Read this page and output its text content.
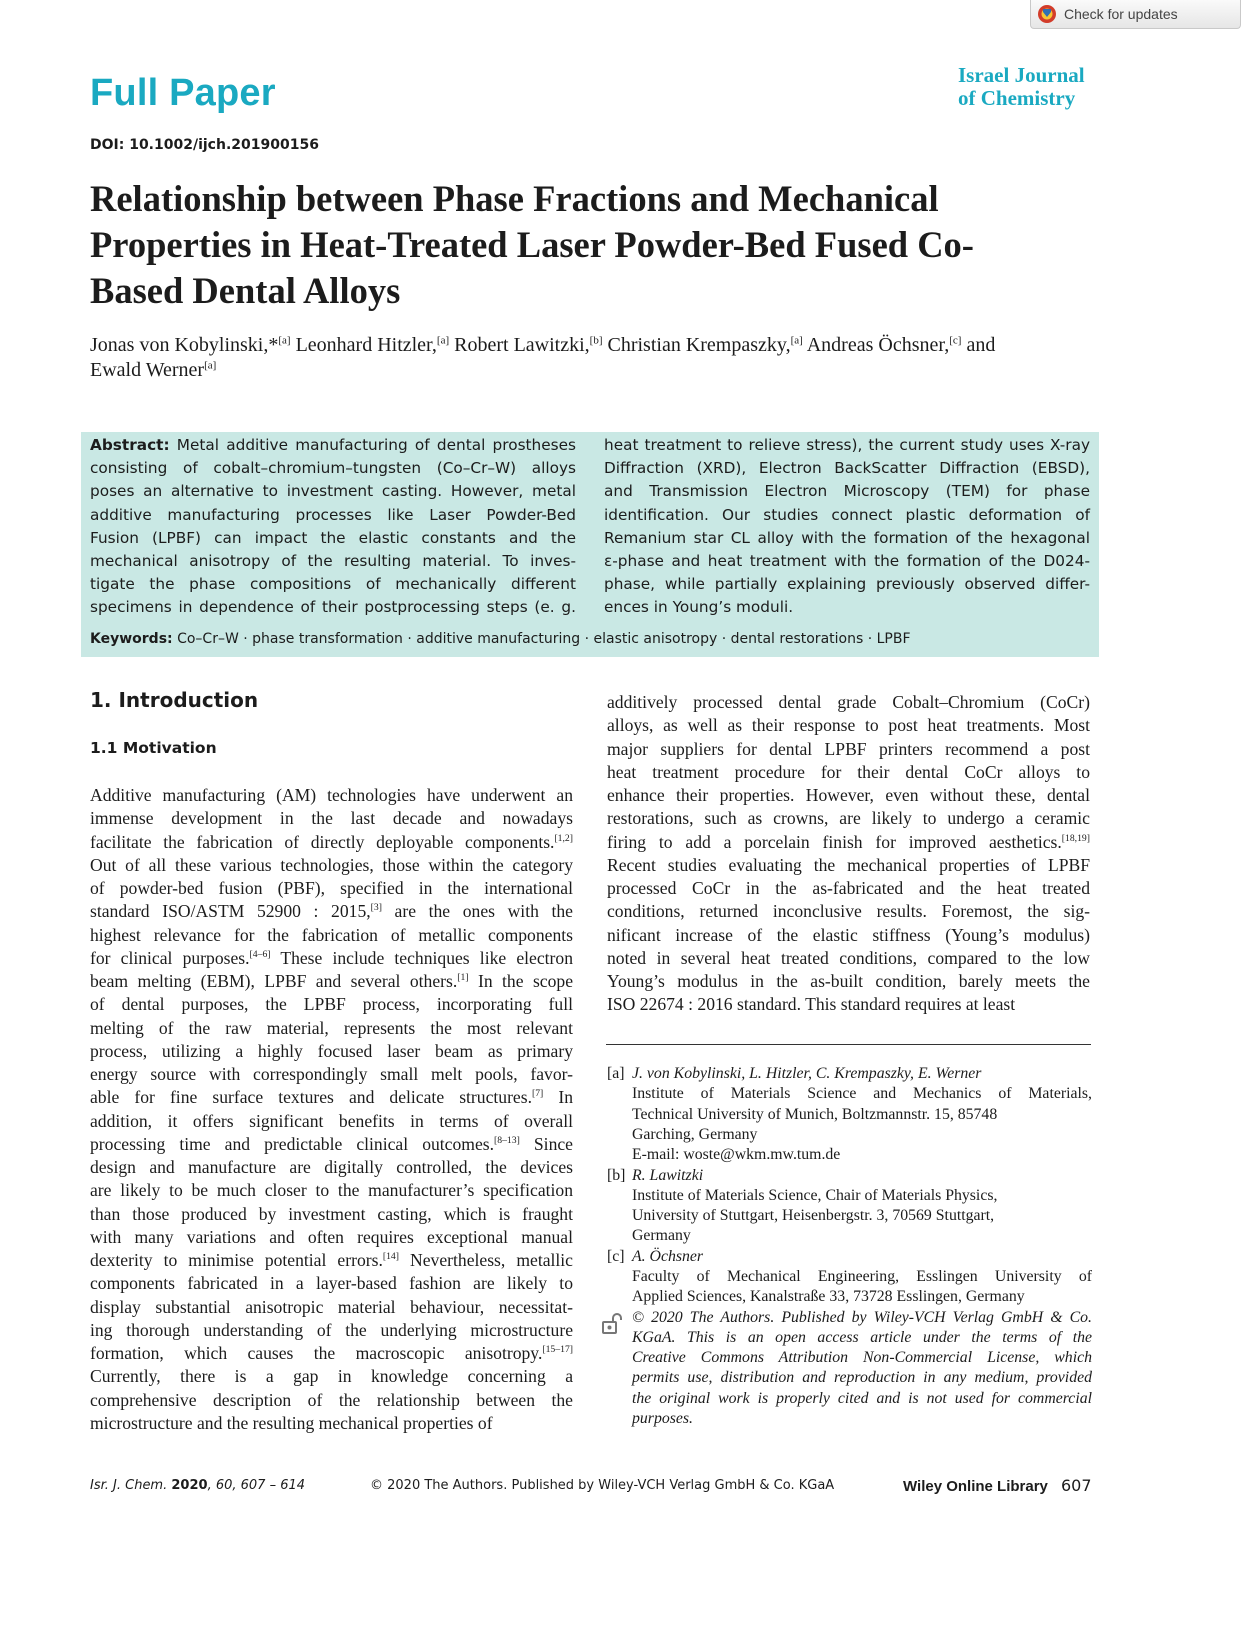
Check for updates
Full Paper	Israel Journal
of Chemistry
DOI: 10.1002/ijch.201900156
Relationship between Phase Fractions and Mechanical
Properties in Heat-Treated Laser Powder-Bed Fused Co-
Based Dental Alloys
Jonas von Kobylinski,*[a] Leonhard Hitzler,[a] Robert Lawitzki,[b] Christian Krempaszky,[a] Andreas Öchsner,[c] and
Ewald Werner[a]
Abstract: Metal additive manufacturing of dental prostheses
consisting of cobalt–chromium–tungsten (Co–Cr–W) alloys
poses an alternative to investment casting. However, metal
additive manufacturing processes like Laser Powder-Bed
Fusion (LPBF) can impact the elastic constants and the
mechanical anisotropy of the resulting material. To inves-
tigate the phase compositions of mechanically different
specimens in dependence of their postprocessing steps (e. g.
heat treatment to relieve stress), the current study uses X-ray
Diffraction (XRD), Electron BackScatter Diffraction (EBSD),
and Transmission Electron Microscopy (TEM) for phase
identification. Our studies connect plastic deformation of
Remanium star CL alloy with the formation of the hexagonal
ε-phase and heat treatment with the formation of the D024-
phase, while partially explaining previously observed differ-
ences in Young’s moduli.
Keywords: Co–Cr–W · phase transformation · additive manufacturing · elastic anisotropy · dental restorations · LPBF
1. Introduction
1.1 Motivation
Additive manufacturing (AM) technologies have underwent an
immense development in the last decade and nowadays
facilitate the fabrication of directly deployable components.[1,2]
Out of all these various technologies, those within the category
of powder-bed fusion (PBF), specified in the international
standard ISO/ASTM 52900 : 2015,[3] are the ones with the
highest relevance for the fabrication of metallic components
for clinical purposes.[4–6] These include techniques like electron
beam melting (EBM), LPBF and several others.[1] In the scope
of dental purposes, the LPBF process, incorporating full
melting of the raw material, represents the most relevant
process, utilizing a highly focused laser beam as primary
energy source with correspondingly small melt pools, favor-
able for fine surface textures and delicate structures.[7] In
addition, it offers significant benefits in terms of overall
processing time and predictable clinical outcomes.[8–13] Since
design and manufacture are digitally controlled, the devices
are likely to be much closer to the manufacturer’s specification
than those produced by investment casting, which is fraught
with many variations and often requires exceptional manual
dexterity to minimise potential errors.[14] Nevertheless, metallic
components fabricated in a layer-based fashion are likely to
display substantial anisotropic material behaviour, necessitat-
ing thorough understanding of the underlying microstructure
formation, which causes the macroscopic anisotropy.[15–17]
Currently, there is a gap in knowledge concerning a
comprehensive description of the relationship between the
microstructure and the resulting mechanical properties of
additively processed dental grade Cobalt–Chromium (CoCr)
alloys, as well as their response to post heat treatments. Most
major suppliers for dental LPBF printers recommend a post
heat treatment procedure for their dental CoCr alloys to
enhance their properties. However, even without these, dental
restorations, such as crowns, are likely to undergo a ceramic
firing to add a porcelain finish for improved aesthetics.[18,19]
Recent studies evaluating the mechanical properties of LPBF
processed CoCr in the as-fabricated and the heat treated
conditions, returned inconclusive results. Foremost, the sig-
nificant increase of the elastic stiffness (Young’s modulus)
noted in several heat treated conditions, compared to the low
Young’s modulus in the as-built condition, barely meets the
ISO 22674 : 2016 standard. This standard requires at least
[a] J. von Kobylinski, L. Hitzler, C. Krempaszky, E. Werner
Institute of Materials Science and Mechanics of Materials,
Technical University of Munich, Boltzmannstr. 15, 85748
Garching, Germany
E-mail: woste@wkm.mw.tum.de
[b] R. Lawitzki
Institute of Materials Science, Chair of Materials Physics,
University of Stuttgart, Heisenbergstr. 3, 70569 Stuttgart,
Germany
[c] A. Öchsner
Faculty of Mechanical Engineering, Esslingen University of
Applied Sciences, Kanalstraße 33, 73728 Esslingen, Germany
© 2020 The Authors. Published by Wiley-VCH Verlag GmbH & Co.
KGaA. This is an open access article under the terms of the
Creative Commons Attribution Non-Commercial License, which
permits use, distribution and reproduction in any medium, provided
the original work is properly cited and is not used for commercial
purposes.
Isr. J. Chem. 2020, 60, 607 – 614	© 2020 The Authors. Published by Wiley-VCH Verlag GmbH & Co. KGaA	Wiley Online Library 607
